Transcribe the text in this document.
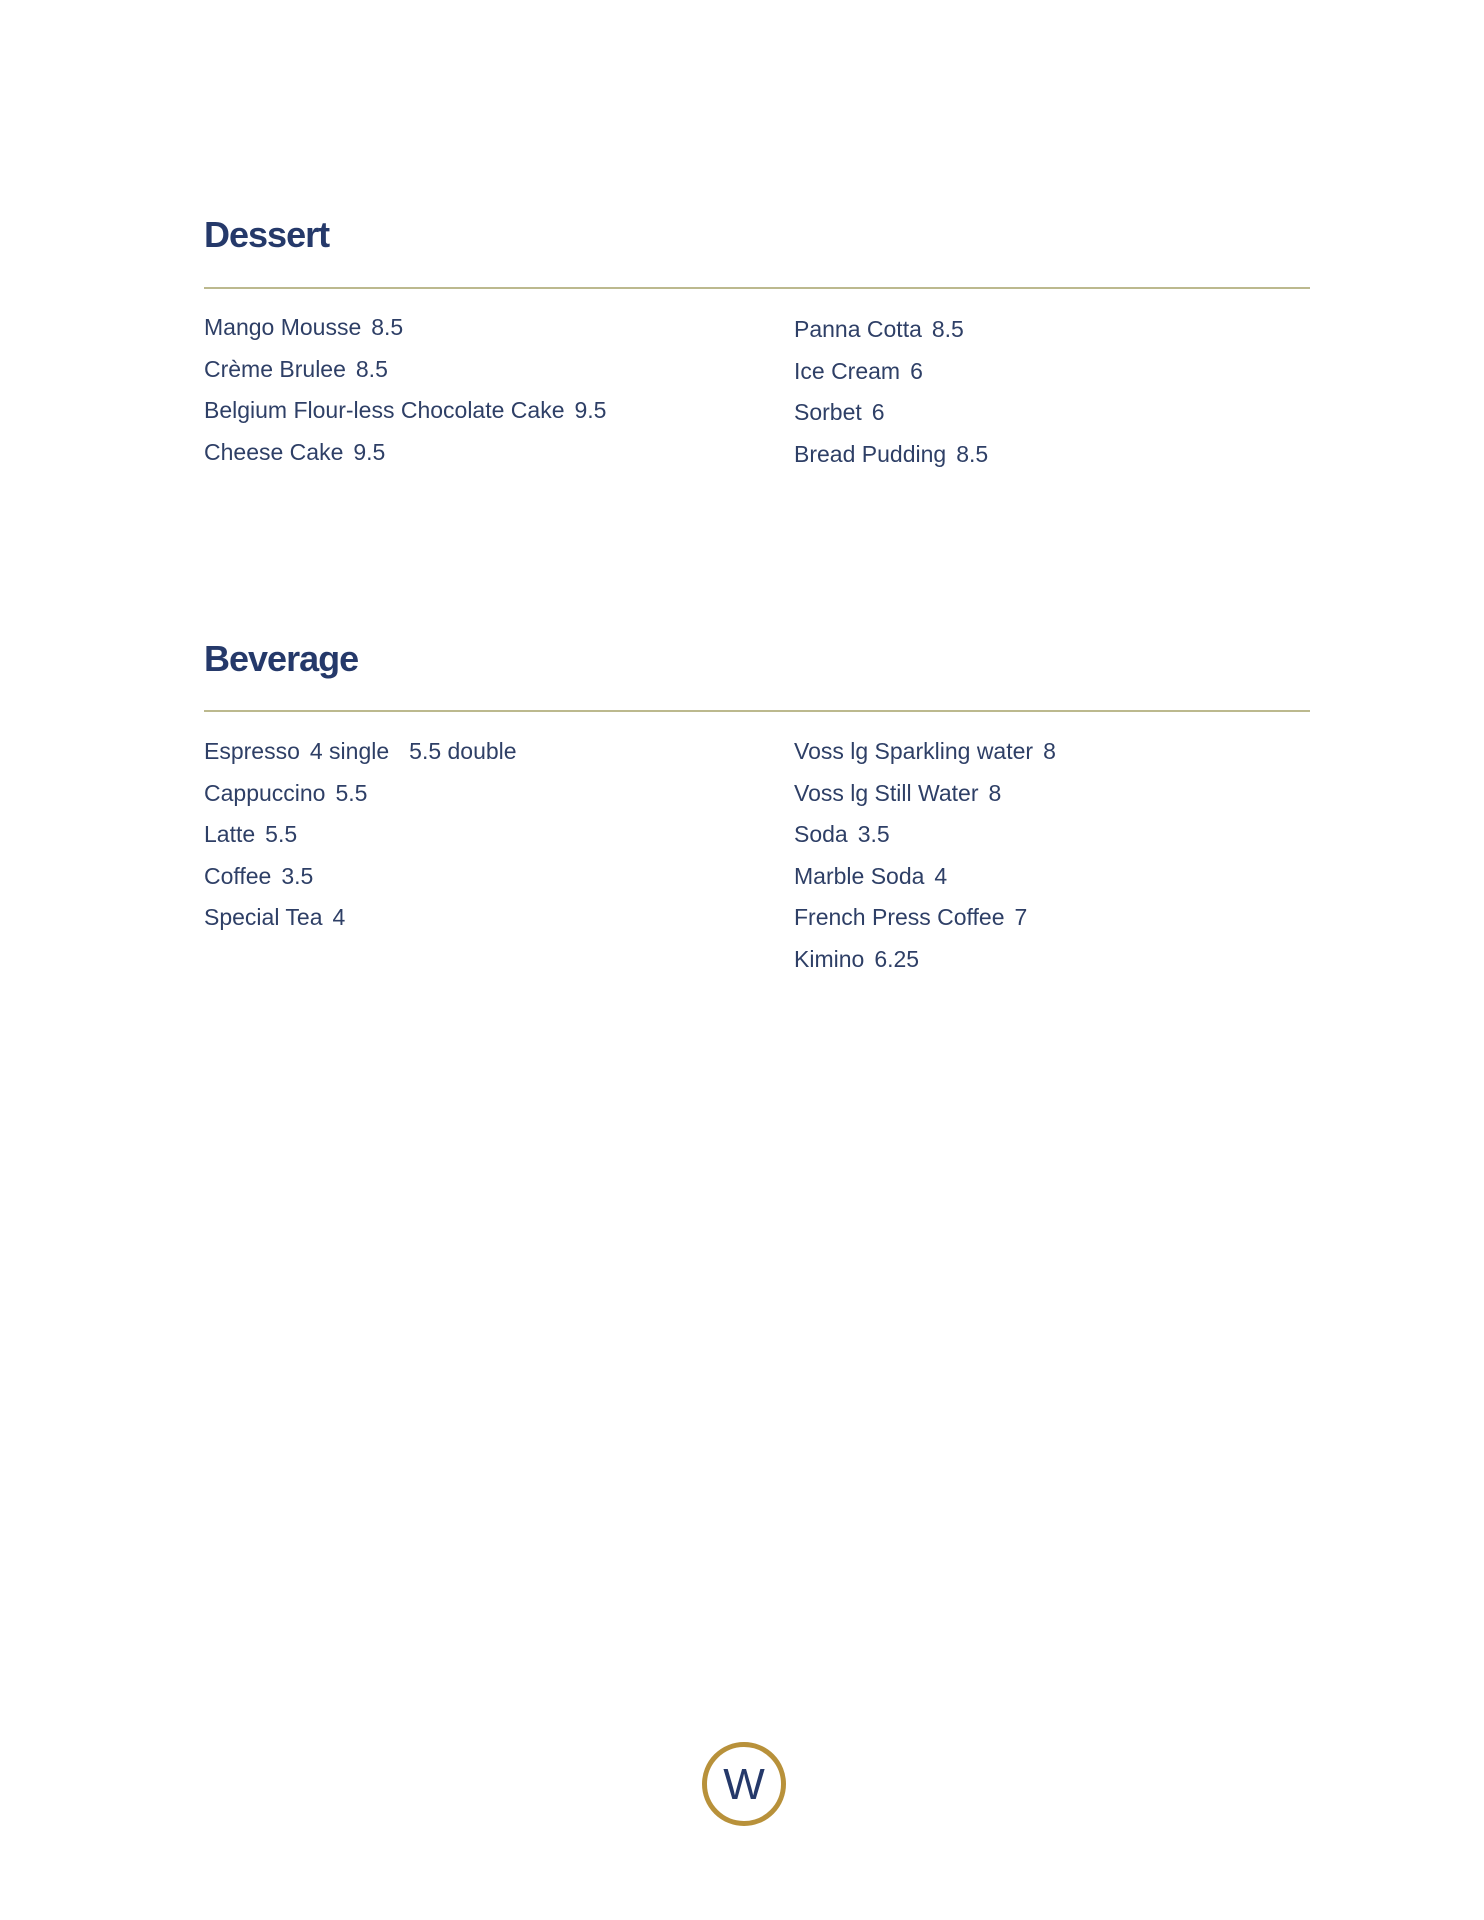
Dessert
Mango Mousse 8.5
Crème Brulee 8.5
Belgium Flour-less Chocolate Cake 9.5
Cheese Cake 9.5
Panna Cotta 8.5
Ice Cream 6
Sorbet 6
Bread Pudding 8.5
Beverage
Espresso 4 single 5.5 double
Cappuccino 5.5
Latte 5.5
Coffee 3.5
Special Tea 4
Voss lg Sparkling water 8
Voss lg Still Water 8
Soda 3.5
Marble Soda 4
French Press Coffee 7
Kimino 6.25
W
